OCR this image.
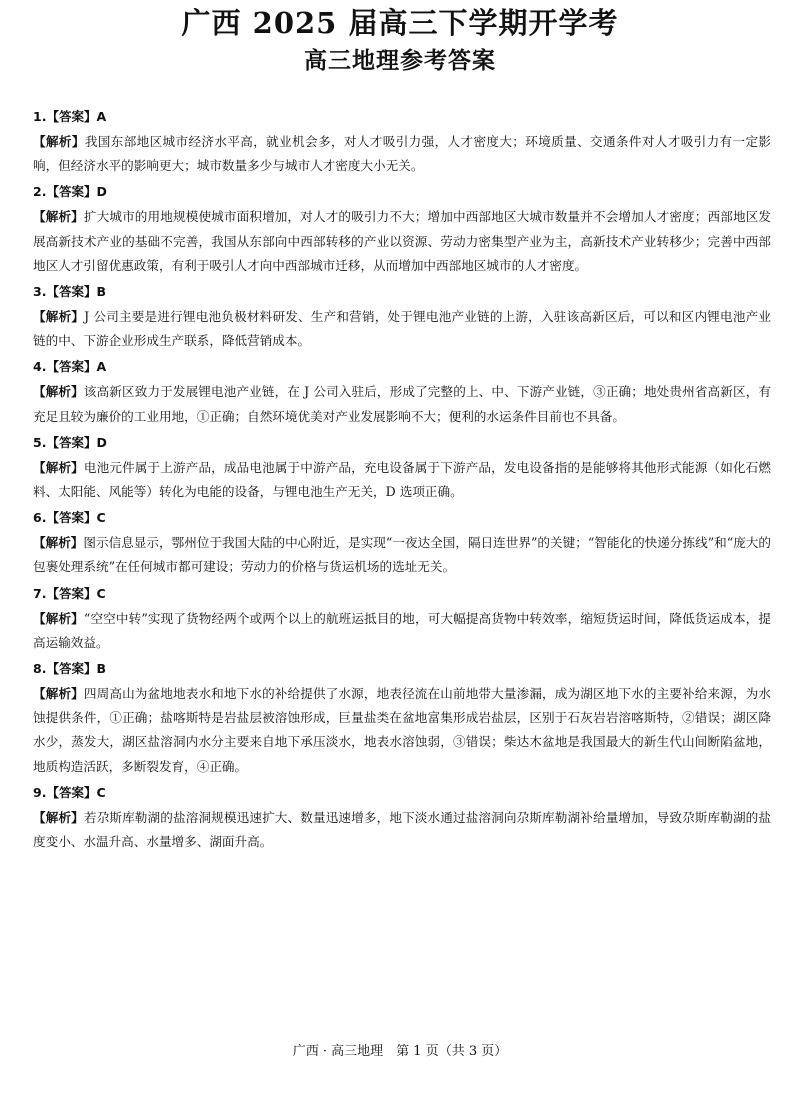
广西 2025 届高三下学期开学考
高三地理参考答案
1.【答案】A
【解析】我国东部地区城市经济水平高，就业机会多，对人才吸引力强，人才密度大；环境质量、交通条件对人才吸引力有一定影响，但经济水平的影响更大；城市数量多少与城市人才密度大小无关。
2.【答案】D
【解析】扩大城市的用地规模使城市面积增加，对人才的吸引力不大；增加中西部地区大城市数量并不会增加人才密度；西部地区发展高新技术产业的基础不完善，我国从东部向中西部转移的产业以资源、劳动力密集型产业为主，高新技术产业转移少；完善中西部地区人才引留优惠政策，有利于吸引人才向中西部城市迁移，从而增加中西部地区城市的人才密度。
3.【答案】B
【解析】J 公司主要是进行锂电池负极材料研发、生产和营销，处于锂电池产业链的上游，入驻该高新区后，可以和区内锂电池产业链的中、下游企业形成生产联系，降低营销成本。
4.【答案】A
【解析】该高新区致力于发展锂电池产业链，在 J 公司入驻后，形成了完整的上、中、下游产业链，③正确；地处贵州省高新区，有充足且较为廉价的工业用地，①正确；自然环境优美对产业发展影响不大；便利的水运条件目前也不具备。
5.【答案】D
【解析】电池元件属于上游产品，成品电池属于中游产品，充电设备属于下游产品，发电设备指的是能够将其他形式能源（如化石燃料、太阳能、风能等）转化为电能的设备，与锂电池生产无关，D 选项正确。
6.【答案】C
【解析】图示信息显示，鄂州位于我国大陆的中心附近，是实现“一夜达全国，隔日连世界”的关键；“智能化的快递分拣线”和“庞大的包裹处理系统”在任何城市都可建设；劳动力的价格与货运机场的选址无关。
7.【答案】C
【解析】“空空中转”实现了货物经两个或两个以上的航班运抵目的地，可大幅提高货物中转效率，缩短货运时间，降低货运成本，提高运输效益。
8.【答案】B
【解析】四周高山为盆地地表水和地下水的补给提供了水源，地表径流在山前地带大量渗漏，成为湖区地下水的主要补给来源，为水蚀提供条件，①正确；盐喀斯特是岩盐层被溶蚀形成，巨量盐类在盆地富集形成岩盐层，区别于石灰岩岩溶喀斯特，②错误；湖区降水少，蒸发大，湖区盐溶洞内水分主要来自地下承压淡水，地表水溶蚀弱，③错误；柴达木盆地是我国最大的新生代山间断陷盆地，地质构造活跃，多断裂发育，④正确。
9.【答案】C
【解析】若尕斯库勒湖的盐溶洞规模迅速扩大、数量迅速增多，地下淡水通过盐溶洞向尕斯库勒湖补给量增加，导致尕斯库勒湖的盐度变小、水温升高、水量增多、湖面升高。
广西 · 高三地理　第 1 页（共 3 页）
